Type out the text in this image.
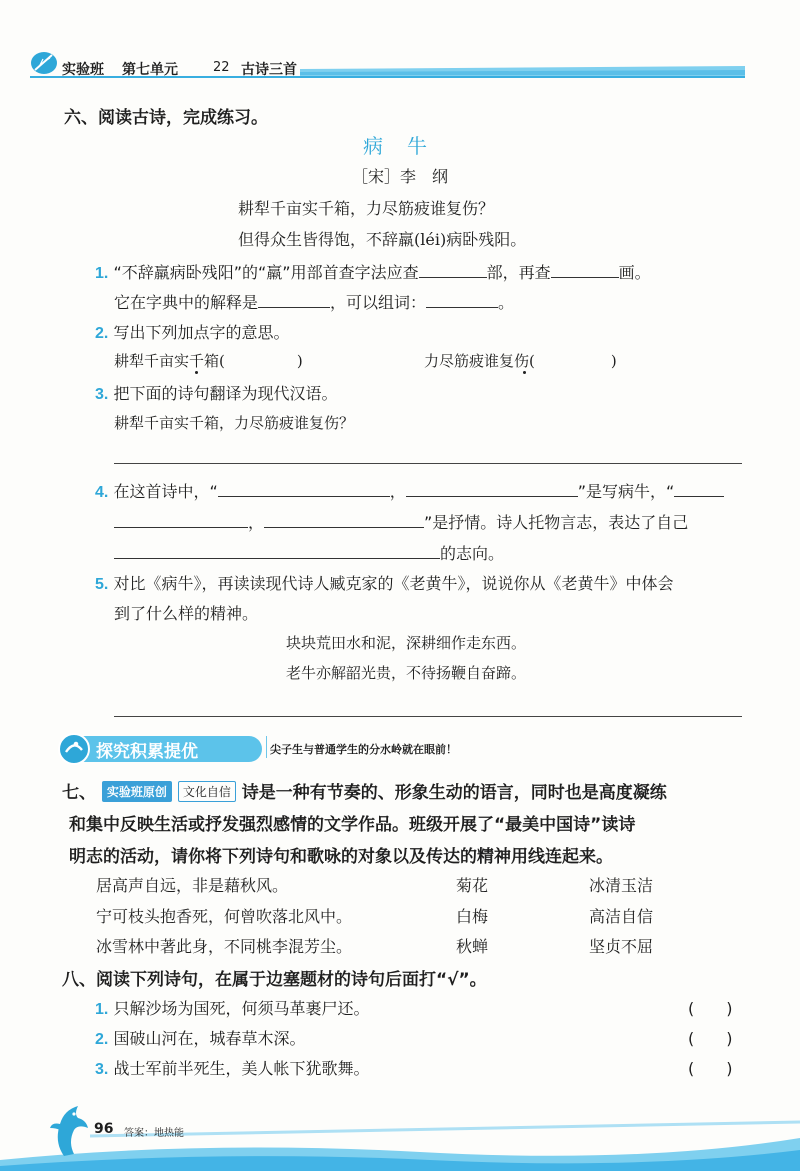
实验班 第七单元	22 古诗三首
六、阅读古诗，完成练习。
病　牛
［宋］李　纲
耕犁千亩实千箱，力尽筋疲谁复伤？
但得众生皆得饱，不辞羸(léi)病卧残阳。
1. “不辞羸病卧残阳”的“羸”用部首查字法应查	部，再查	画。
它在字典中的解释是	，可以组词：	。
2. 写出下列加点字的意思。
耕犁千亩实千箱(	)	力尽筋疲谁复伤(	)
3. 把下面的诗句翻译为现代汉语。
耕犁千亩实千箱，力尽筋疲谁复伤？
4. 在这首诗中，“	，	”是写病牛，“
，	”是抒情。诗人托物言志，表达了自己
的志向。
5. 对比《病牛》，再读读现代诗人臧克家的《老黄牛》，说说你从《老黄牛》中体会
到了什么样的精神。
块块荒田水和泥，深耕细作走东西。
老牛亦解韶光贵，不待扬鞭自奋蹄。
探究积累提优	尖子生与普通学生的分水岭就在眼前！
七、 实验班原创 文化自信 诗是一种有节奏的、形象生动的语言，同时也是高度凝练
和集中反映生活或抒发强烈感情的文学作品。班级开展了“最美中国诗”读诗
明志的活动，请你将下列诗句和歌咏的对象以及传达的精神用线连起来。
居高声自远，非是藉秋风。	菊花	冰清玉洁
宁可枝头抱香死，何曾吹落北风中。	白梅	高洁自信
冰雪林中著此身，不同桃李混芳尘。	秋蝉	坚贞不屈
八、阅读下列诗句，在属于边塞题材的诗句后面打“√”。
1. 只解沙场为国死，何须马革裹尸还。	(　　)
2. 国破山河在，城春草木深。	(　　)
3. 战士军前半死生，美人帐下犹歌舞。	(　　)
96 答案：地热能
